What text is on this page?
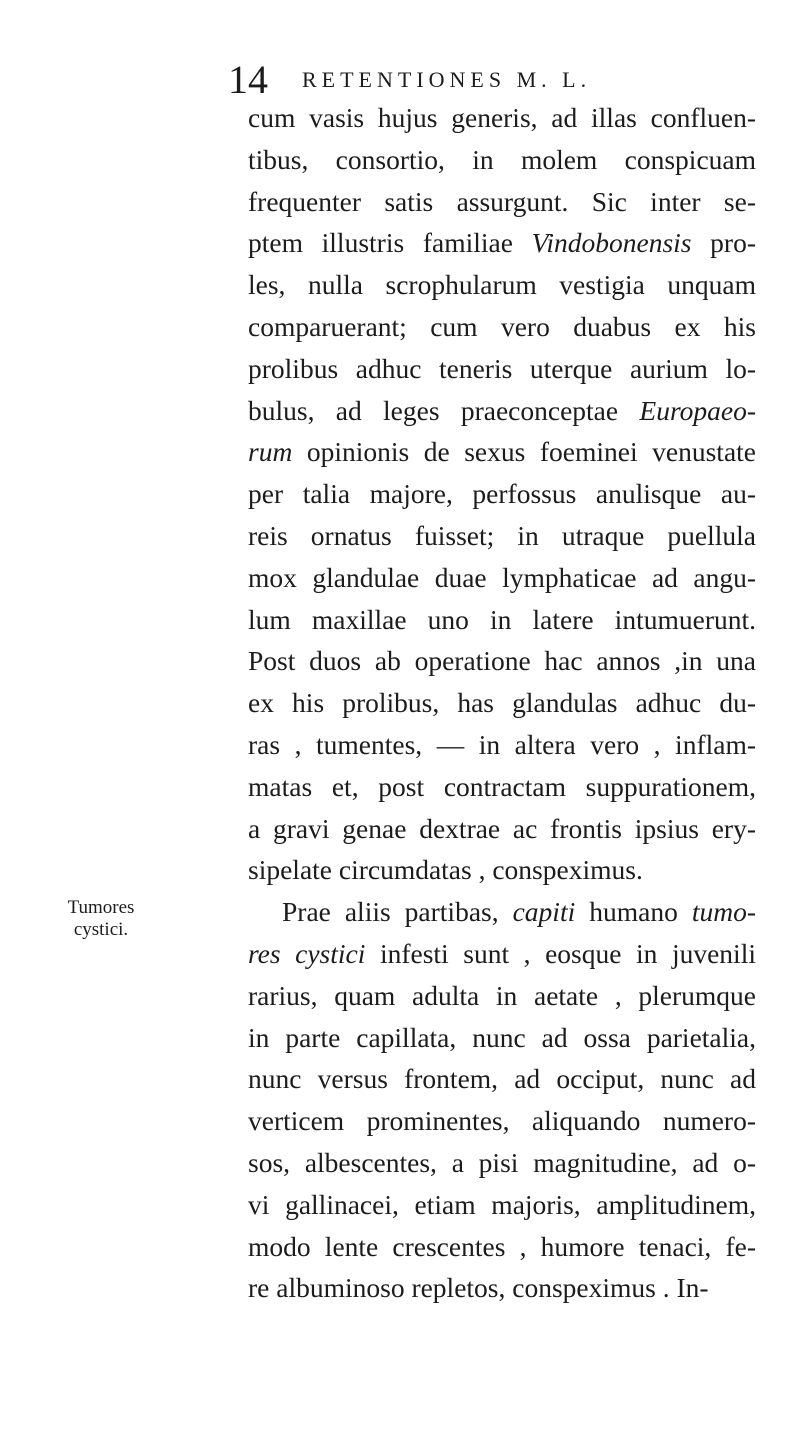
14 RETENTIONES M. L.
Tumores
cystici.
cum vasis hujus generis, ad illas confluen-
tibus, consortio, in molem conspicuam
frequenter satis assurgunt. Sic inter se-
ptem illustris familiae Vindobonensis pro-
les, nulla scrophularum vestigia unquam
comparuerant; cum vero duabus ex his
prolibus adhuc teneris uterque aurium lo-
bulus, ad leges praeconceptae Europaeo-
rum opinionis de sexus foeminei venustate
per talia majore, perfossus anulisque au-
reis ornatus fuisset; in utraque puellula
mox glandulae duae lymphaticae ad angu-
lum maxillae uno in latere intumuerunt.
Post duos ab operatione hac annos ,in una
ex his prolibus, has glandulas adhuc du-
ras , tumentes, — in altera vero , inflam-
matas et, post contractam suppurationem,
a gravi genae dextrae ac frontis ipsius ery-
sipelate circumdatas , conspeximus.
Prae aliis partibas, capiti humano tumo-
res cystici infesti sunt , eosque in juvenili
rarius, quam adulta in aetate , plerumque
in parte capillata, nunc ad ossa parietalia,
nunc versus frontem, ad occiput, nunc ad
verticem prominentes, aliquando numero-
sos, albescentes, a pisi magnitudine, ad o-
vi gallinacei, etiam majoris, amplitudinem,
modo lente crescentes , humore tenaci, fe-
re albuminoso repletos, conspeximus . In-
